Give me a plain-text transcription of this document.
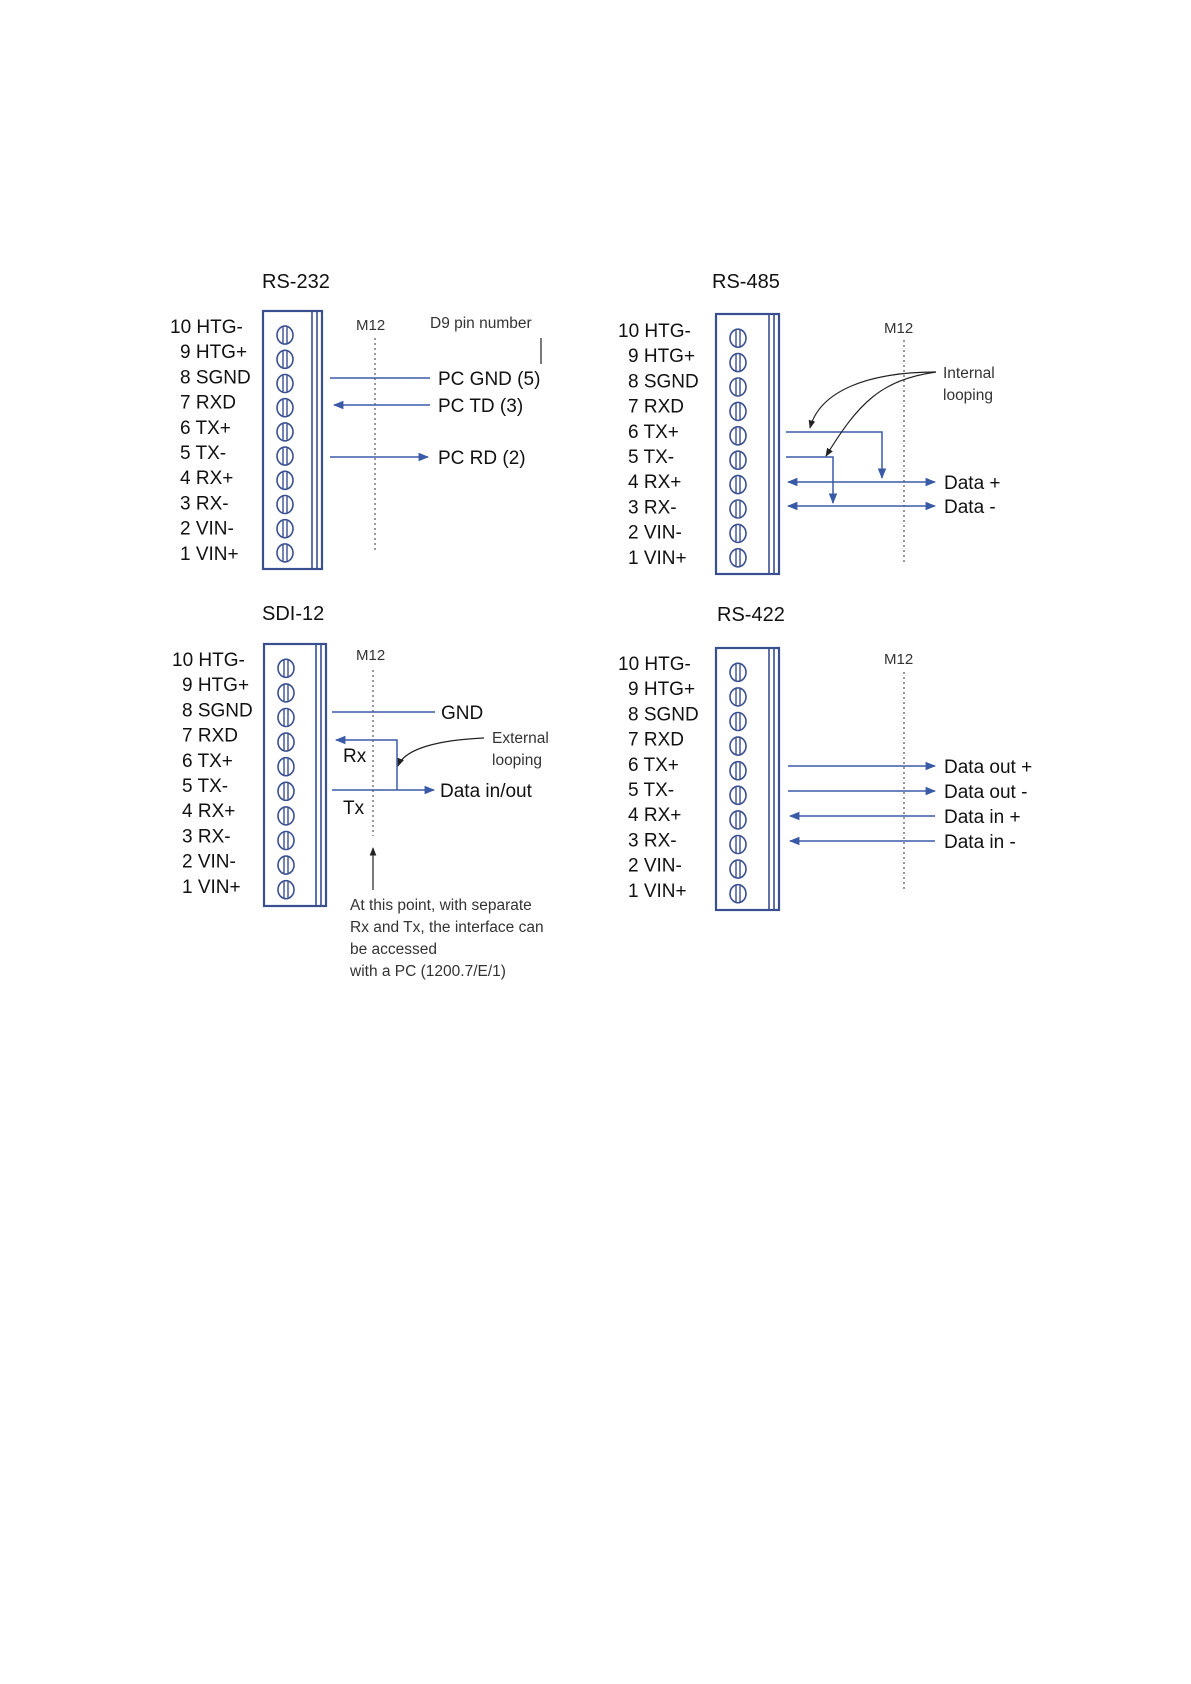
RS-232
10 HTG-
9 HTG+
8 SGND
7 RXD
6 TX+
5 TX-
4 RX+
3 RX-
2 VIN-
1 VIN+
M12	D9 pin number
PC GND (5)
PC TD (3)
PC RD (2)
RS-485
10 HTG-
9 HTG+
8 SGND
7 RXD
6 TX+
5 TX-
4 RX+
3 RX-
2 VIN-
1 VIN+
M12
Internal
looping
Data +
Data -
SDI-12
10 HTG-
9 HTG+
8 SGND
7 RXD
6 TX+
5 TX-
4 RX+
3 RX-
2 VIN-
1 VIN+
M12
GND
Rx
Tx
Data in/out
External
looping
At this point, with separate
Rx and Tx, the interface can
be accessed
with a PC (1200.7/E/1)
RS-422
10 HTG-
9 HTG+
8 SGND
7 RXD
6 TX+
5 TX-
4 RX+
3 RX-
2 VIN-
1 VIN+
M12
Data out +
Data out -
Data in +
Data in -
